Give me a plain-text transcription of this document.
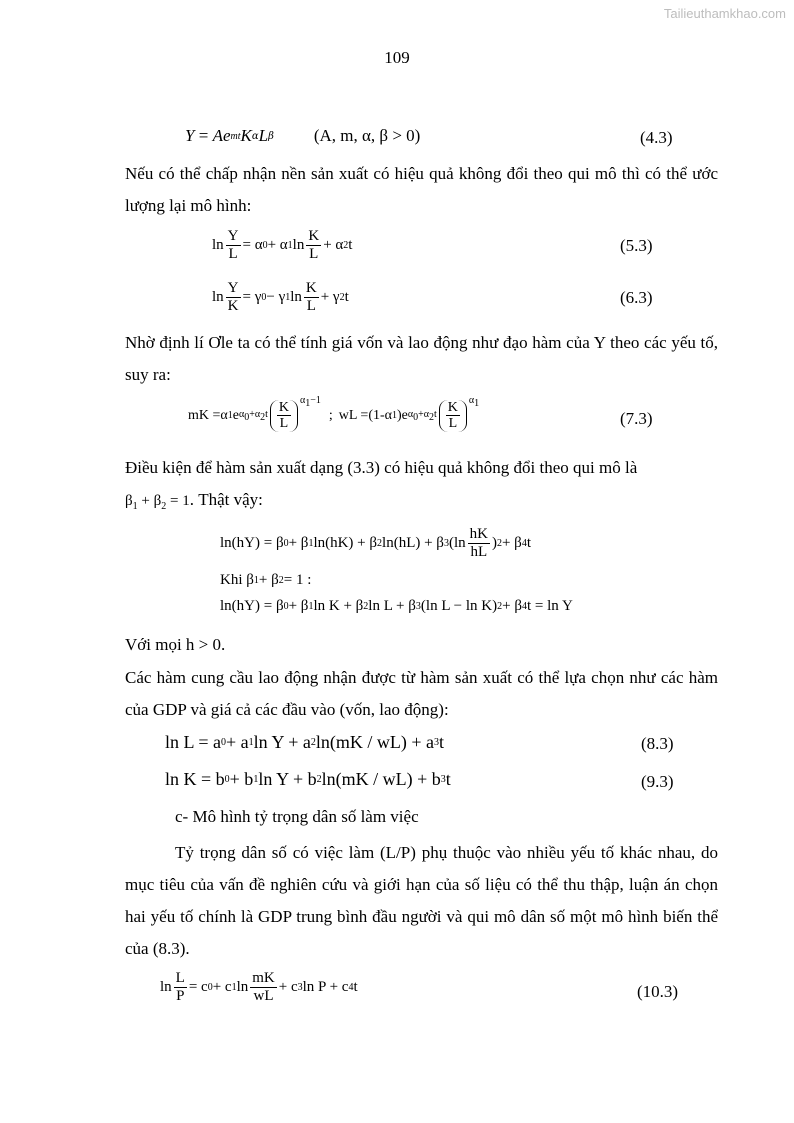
Tailieuthamkhao.com
109
Y = Ae mt K α L β (A, m, α, β > 0)	(4.3)
Nếu có thể chấp nhận nền sản xuất có hiệu quả không đổi theo qui mô thì có thể ước lượng lại mô hình:
$\ln \frac{Y}{L} = \alpha$ 0 + α 1 $\ln \frac{K}{L} + \alpha$ 2 t	(5.3)
$\ln \frac{Y}{K} = \gamma$ 0 − γ 1 $\ln \frac{K}{L} + \gamma$ 2 t	(6.3)
Nhờ định lí Ơle ta có thể tính giá vốn và lao động như đạo hàm của Y theo các yếu tố, suy ra:
mK =α 1 e $\alpha_0+\alpha_2t \frac{K}{L} ^{\alpha_1-1}$
; wL =(1-α 1 )e $\alpha_0+\alpha_2t \frac{K}{L} ^{\alpha_1}$
(7.3)
Điều kiện để hàm sản xuất dạng (3.3) có hiệu quả không đổi theo qui mô là
$\beta_1 + \beta_2 = 1$. Thật vậy:
ln(hY) = β 0 + β 1 ln(hK) + β 2 ln(hL) + β 3 ($\ln \frac{hK}{hL}$ ) 2 + β 4 t
Khi β 1 + β 2 = 1 :
ln(hY) = β 0 + β 1 ln K + β 2 ln L + β 3 (ln L − ln K) 2 + β 4 t = ln Y
Với mọi h > 0.
Các hàm cung cầu lao động nhận được từ hàm sản xuất có thể lựa chọn như các hàm của GDP và giá cả các đầu vào (vốn, lao động):
ln L = a 0 + a 1 ln Y + a 2 ln(mK / wL) + a 3 t	(8.3)
ln K = b 0 + b 1 ln Y + b 2 ln(mK / wL) + b 3 t	(9.3)
c- Mô hình tỷ trọng dân số làm việc
Tỷ trọng dân số có việc làm (L/P) phụ thuộc vào nhiều yếu tố khác nhau, do mục tiêu của vấn đề nghiên cứu và giới hạn của số liệu có thể thu thập, luận án chọn hai yếu tố chính là GDP trung bình đầu người và qui mô dân số một mô hình biến thể của (8.3).
$\ln \frac{L}{P} = c$ 0 + c 1 $\ln \frac{mK}{wL} + c$ 3 ln P + c 4 t	(10.3)
